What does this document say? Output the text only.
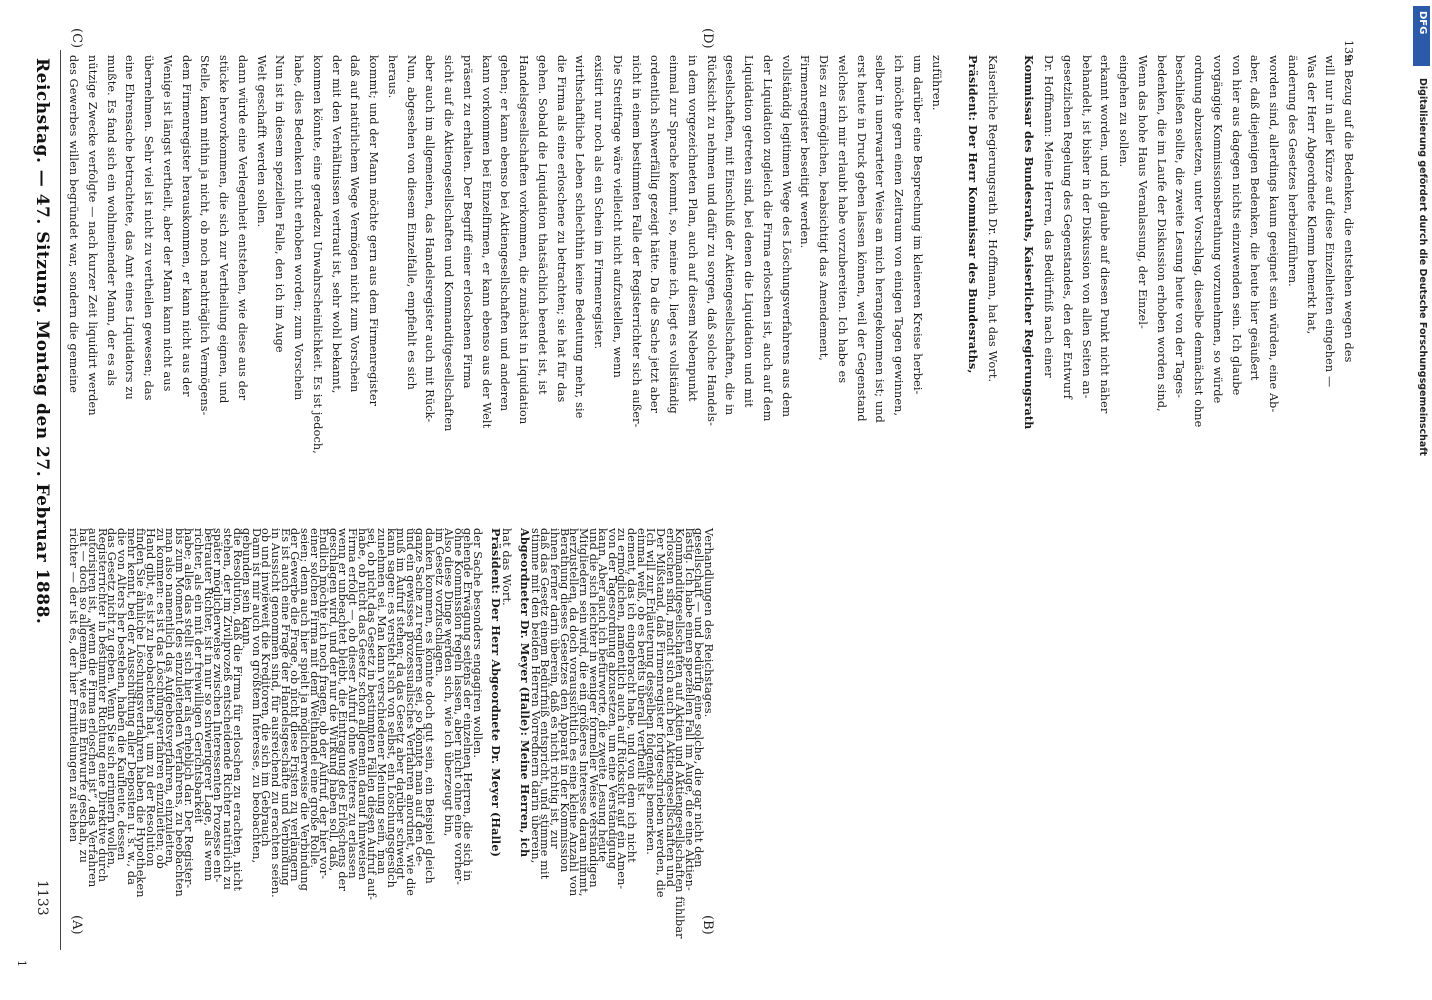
Reichstag. — 47. Sitzung. Montag den 27. Februar 1888.
1133
1
(A)	(B)
(C)	(D)
richter — der ist es, der hier Ermittelungen zu stehen
hat — doch so allgemein, wie es im Entwurfe geschah, zu
autorisiren ist, „wenn die Firma erloschen ist“, das Verfahren
Registerrichter in bestimmter Richtung eine Direktive durch
das Gesetz nicht zu geben. Wenn Sie sich erinnern wollen,
die von Alters her bestehen, haben die Kaufleute, dessen
mehr kennt, bei der Ausschüttung aller Depositen u. s. w., da
finden Sie ähnliche Löschungsverfahren haben die Hypotheken
Hand gibt, es ist zu beobachten hat, um zu der Resolution
zu kommen: es ist das Löschungsverfahren einzuleiten; ob
man also namentlich das Aufgebotsverfahren, einzuleiten,
bis zum Moment des einzuleitenden Verfahrens, zu beobachten
habe; alles das stellt sich hier als erheblich dar. Der Register-
richter, als ein mit der freiwilligen Gerichtsbarkeit
betrauter Richter, ist in nur so schwierigerer Lage, als wenn
später möglicherweise zwischen Interessenten Prozesse ent-
stehen, der im Zivilprozeß entscheidende Richter natürlich zu
die Resolution, daß die Firma für erloschen zu erachten, nicht
gebunden sein kann.
Dann ist mir auch von größtem Interesse, zu beobachten,
ob und inwieweit die Kreditoren, die sich im Gebrauch
in Aussicht genommen sind, für ausreichend zu erachten seien.
Es ist auch eine Frage der Handelsgeschäfte und Verbindung
der Gewerbe die Frage, ob nicht diese Fristen zu verlängern
seien; denn auch hier spielt ja möglicherweise die Verbindung
einer solchen Firma mit dem Welthandel eine große Rolle.
Endlich möchte ich noch fragen, ob der Aufruf, der hier vor-
geschlagen wird, und der nur die Wirkung haben soll, daß,
wenn er unbeachtet bleibt, die Eintragung des Erlöschens der
Firma erfolgt —, ob dieser Aufruf ohne Weiteres zu erlassen
habe, ob nicht das Gesetz schon allgemein darauf hinweisen
sei, ob nicht das Gesetz in bestimmten Fällen diesen Aufruf auf-
zunehmen sei. Man kann verschiedener Meinung sein, man
kann sagen: es versteht sich von selbst, ein Löschungsgesuch
muß im Aufruf stehen; da das Gesetz aber darüber schweigt
und ein gewisses prozessualisches Verfahren anordnet, wie die
ganze Sache zu regulieren sei, so könnte man auf den Ge-
danken kommen, es könnte doch gut sein, ein Beispiel gleich
im Gesetz vorzuschlagen.
Also diese Dinge werden sich, wie ich überzeugt bin,
ohne Kommission regeln lassen, aber nicht ohne eine vorher-
gehende Erwägung seitens der einzelnen Herren, die sich in
der Sache besonders engagiren wollen. Präsident: Der Herr Abgeordnete Dr. Meyer (Halle)
hat das Wort. Abgeordneter Dr. Meyer (Halle): Meine Herren, ich
stimme mit den beiden Herren Vorrednern darin überein,
daß das Gesetz einem Bedürfniß entspricht, und stimme mit
ihnen ferner darin überein, daß es nicht richtig ist, zur
Berathung dieses Gesetzes den Apparat in der Kommission
herzustellen, da doch voraussichtlich es eine kleine Anzahl von
Mitgliedern sein wird, die ein größeres Interesse daran nimmt,
und die sich leichter in weniger formeller Weise verständigen
kann. Aber auch ich befürworte, die zweite Lesung heute
von der Tagesordnung abzusetzen, um eine Verständigung
zu ermöglichen, namentlich auch auf Rücksicht auf ein Amen-
dement, das ich eingebracht habe, und von dem ich nicht
einmal weiß, ob es bereits überall vertheilt ist.
Ich will zur Erläuterung desselben folgendes bemerken.
Der Mißstand, daß Firmenregister fortgeschrieben werden, die
erloschen sind, macht sich auch bei Aktiengesellschaften und
Kommanditgesellschaften auf Aktien und Aktiengesellschaften fühlbar
lästig. Ich habe einen speziellen Fall im Auge, die eine Aktien-
gesellschaft — und bedürfig eine solche, die gar nicht den
Verhandlungen des Reichstages.
des Gewerbes willen begründet war, sondern die gemeine nützige Zwecke verfolgte — nach kurzer Zeit liquidirt werden mußte. Es fand sich ein wohlmeinender Mann, der es als eine Ehrensache betrachtete, das Amt eines Liquidators zu übernehmen. Sehr viel ist nicht zu vertheilen gewesen; das Wenige ist längst vertheilt, aber der Mann kann nicht aus dem Firmenregister herauskommen, er kann nicht aus der Stelle, kann mithin ja nicht, ob noch nachträglich Vermögens- stücke hervorkommen, die sich zur Vertheilung eignen, und dann würde eine Verlegenheit entstehen, wie diese aus der Welt geschafft werden sollen. Nun ist in diesem speziellen Falle, den ich im Auge habe, dies Bedenken nicht erhoben worden; zum Vorschein kommen könnte, eine geradezu Unwahrscheinlichkeit. Es ist jedoch, der mit den Verhältnissen vertraut ist, sehr wohl bekannt, daß auf natürlichem Wege Vermögen nicht zum Vorschein kommt; und der Mann möchte gern aus dem Firmenregister heraus. Nun, abgesehen von diesem Einzelfalle, empfiehlt es sich aber auch im allgemeinen, das Handelsregister auch mit Rück- sicht auf die Aktiengesellschaften und Kommanditgesellschaften präsent zu erhalten. Der Begriff einer erloschenen Firma kann vorkommen bei Einzelfirmen, er kann ebenso aus der Welt gehen; er kann ebenso bei Aktiengesellschaften und anderen Handelsgesellschaften vorkommen, die zunächst in Liquidation gehen. Sobald die Liquidation thatsächlich beendet ist, ist die Firma als eine erloschene zu betrachten; sie hat für das wirthschaftliche Leben schlechthin keine Bedeutung mehr, sie existirt nur noch als ein Schein im Firmenregister. Die Streitfrage wäre vielleicht nicht aufzustellen, wenn nicht in einem bestimmten Falle der Registerrichter sich außer- ordentlich schwerfällig gezeigt hätte. Da die Sache jetzt aber einmal zur Sprache kommt, so, meine ich, liegt es vollständig in dem vorgezeichneten Plan, auch auf diesem Nebenpunkt Rücksicht zu nehmen und dafür zu sorgen, daß solche Handels- gesellschaften, mit Einschluß der Aktiengesellschaften, die in Liquidation getreten sind, bei denen die Liquidation und mit der Liquidation zugleich die Firma erloschen ist, auch auf dem vollständig legitimen Wege des Löschungsverfahrens aus dem Firmenregister beseitigt werden. Dies zu ermöglichen, beabsichtigt das Amendement, welches ich mir erlaubt habe vorzubereiten. Ich habe es erst heute in Druck geben lassen können, weil der Gegenstand selber in unerwarteter Weise an mich herangekommen ist; und ich möchte gern einen Zeitraum von einigen Tagen gewinnen, um darüber eine Besprechung im kleineren Kreise herbei- zuführen. Präsident: Der Herr Kommissar des Bundesraths, Kaiserliche Regierungsrath Dr. Hoffmann, hat das Wort. Kommissar des Bundesraths, Kaiserlicher Regierungsrath Dr. Hoffmann: Meine Herren, das Bedürfniß nach einer gesetzlichen Regelung des Gegenstandes, den der Entwurf behandelt, ist bisher in der Diskussion von allen Seiten an- erkannt worden, und ich glaube auf diesen Punkt nicht näher eingehen zu sollen. Wenn das hohe Haus Veranlassung, der Einzel- bedenken, die im Laufe der Diskussion erhoben worden sind, beschließen sollte, die zweite Lesung heute von der Tages- ordnung abzusetzen, unter Vorschlag, dieselbe demnächst ohne vorgängige Kommissionsberathung vorzunehmen, so würde von hier aus dagegen nichts einzuwenden sein. Ich glaube aber, daß diejenigen Bedenken, die heute hier geäußert worden sind, allerdings kaum geeignet sein würden, eine Ab- änderung des Gesetzes herbeizuführen. Was der Herr Abgeordnete Klemm bemerkt hat, will nur in aller Kürze auf diese Einzelheiten eingehen — in Bezug auf die Bedenken, die entstehen wegen des
139
DFG
Digitalisierung gefördert durch die Deutsche Forschungsgemeinschaft
